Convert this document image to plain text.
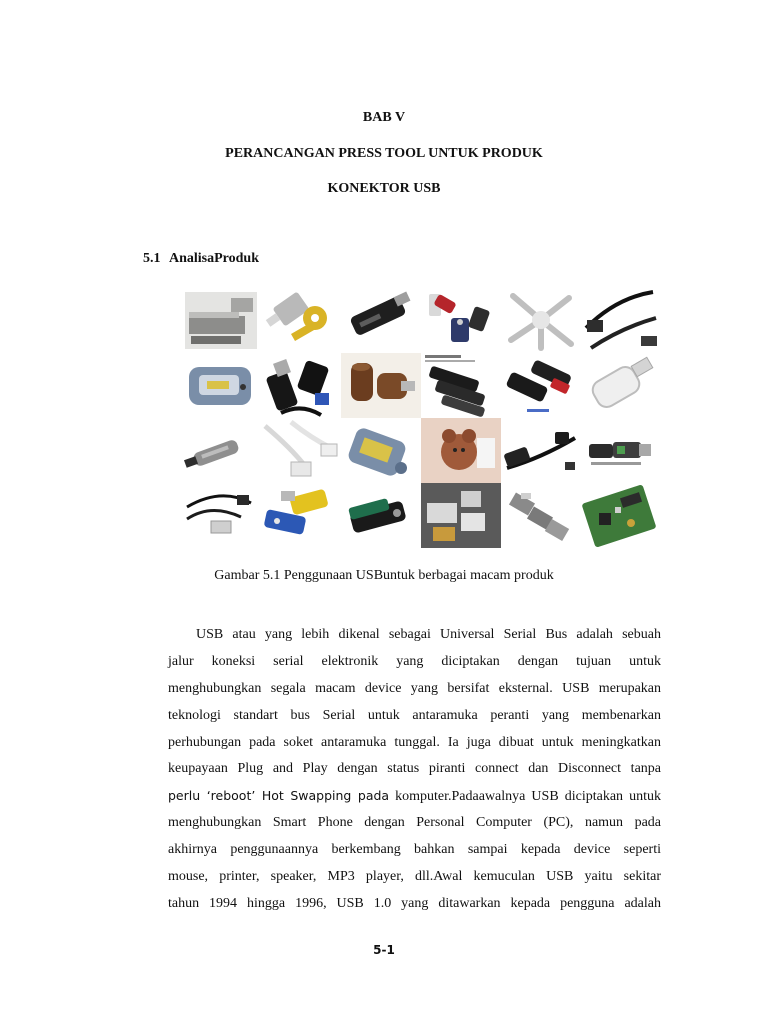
BAB V
PERANCANGAN PRESS TOOL UNTUK PRODUK
KONEKTOR USB
5.1 AnalisaProduk
Gambar 5.1 Penggunaan USBuntuk berbagai macam produk
USB atau yang lebih dikenal sebagai Universal Serial Bus adalah sebuah
jalur koneksi serial elektronik yang diciptakan dengan tujuan untuk
menghubungkan segala macam device yang bersifat eksternal. USB merupakan
teknologi standart bus Serial untuk antaramuka peranti yang membenarkan
perhubungan pada soket antaramuka tunggal. Ia juga dibuat untuk meningkatkan
keupayaan Plug and Play dengan status piranti connect dan Disconnect tanpa
perlu ‘reboot’ Hot Swapping pada komputer.Padaawalnya USB diciptakan untuk
menghubungkan Smart Phone dengan Personal Computer (PC), namun pada
akhirnya penggunaannya berkembang bahkan sampai kepada device seperti
mouse, printer, speaker, MP3 player, dll.Awal kemuculan USB yaitu sekitar
tahun 1994 hingga 1996, USB 1.0 yang ditawarkan kepada pengguna adalah
5-1
